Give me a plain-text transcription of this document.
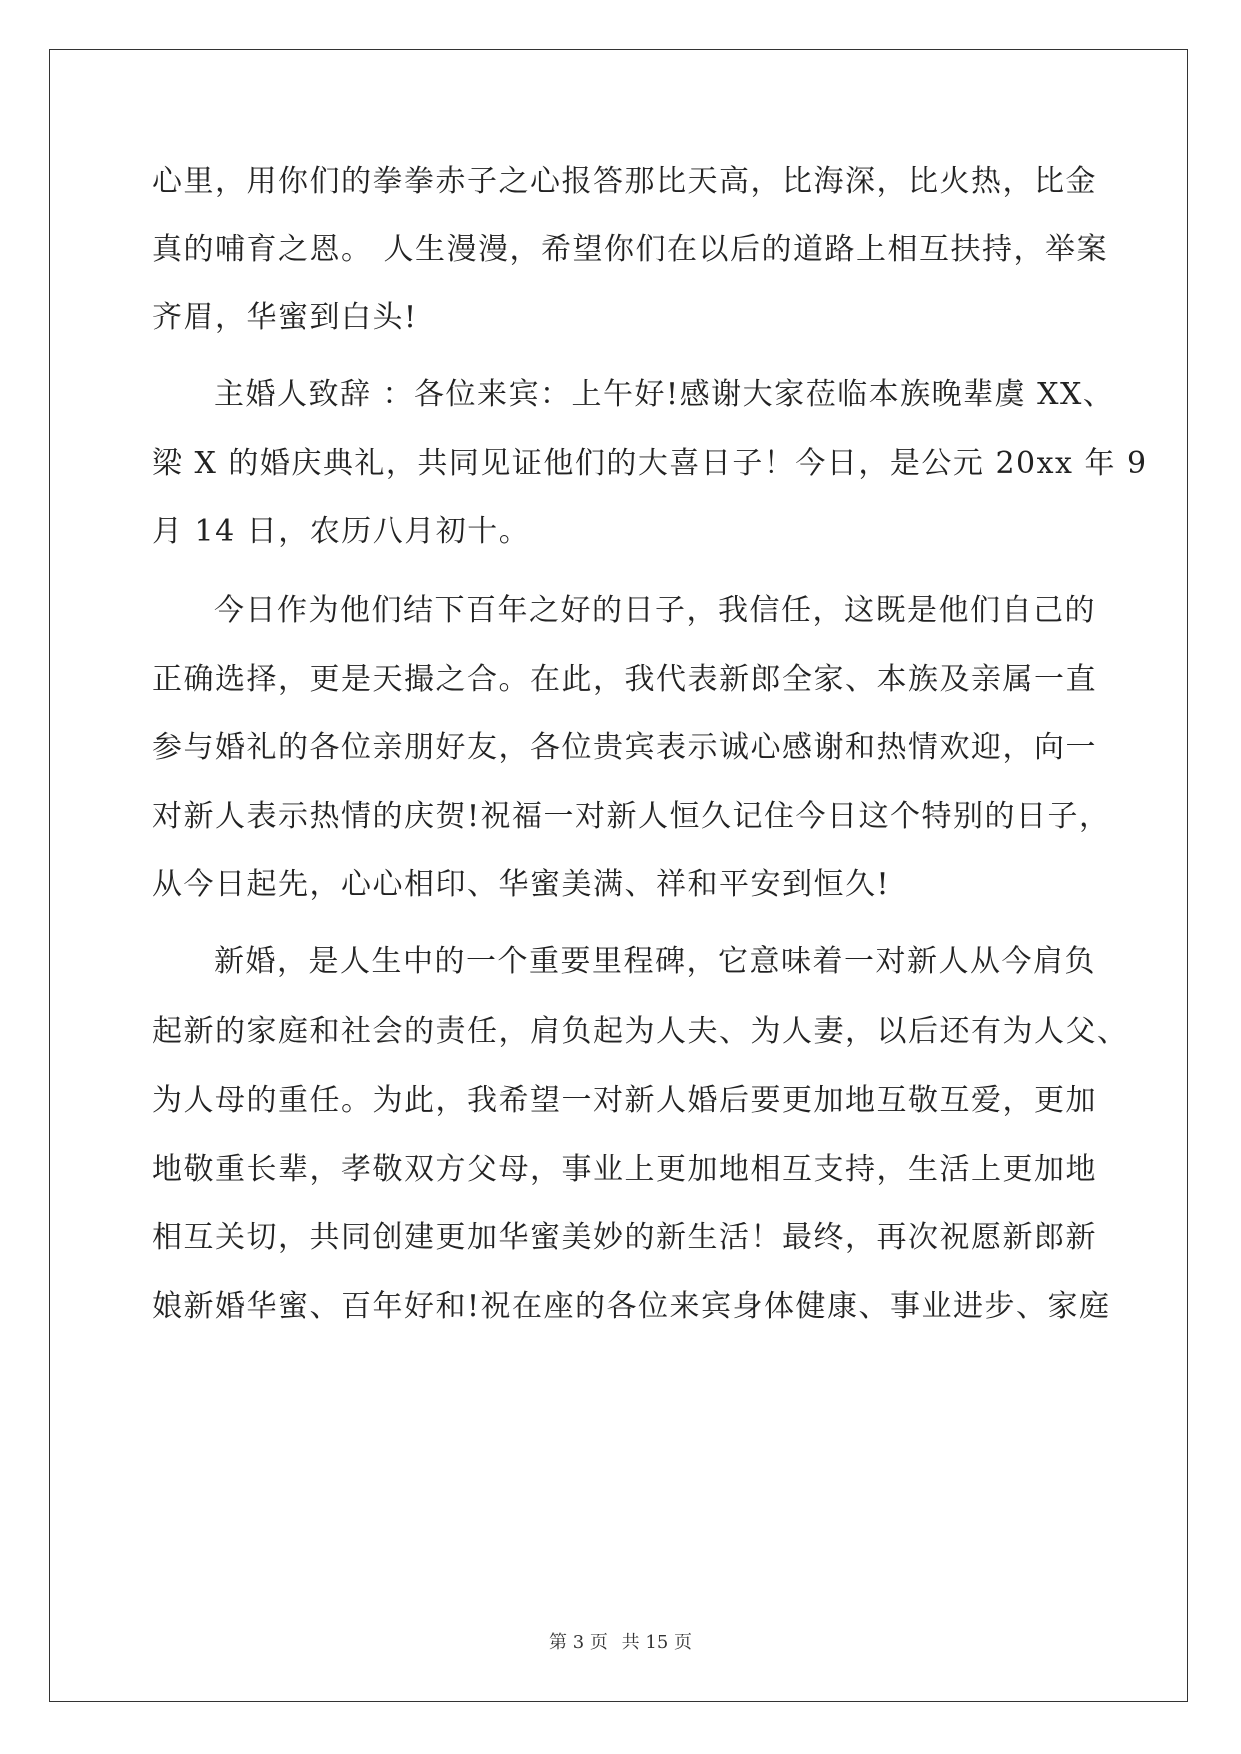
心里，用你们的拳拳赤子之心报答那比天高，比海深，比火热，比金
真的哺育之恩。 人生漫漫，希望你们在以后的道路上相互扶持，举案
齐眉，华蜜到白头!
主婚人致辞 ：各位来宾：上午好!感谢大家莅临本族晚辈虞 XX、
梁 X 的婚庆典礼，共同见证他们的大喜日子！今日，是公元 20xx 年 9
月 14 日，农历八月初十。
今日作为他们结下百年之好的日子，我信任，这既是他们自己的
正确选择，更是天撮之合。在此，我代表新郎全家、本族及亲属一直
参与婚礼的各位亲朋好友，各位贵宾表示诚心感谢和热情欢迎，向一
对新人表示热情的庆贺!祝福一对新人恒久记住今日这个特别的日子，
从今日起先，心心相印、华蜜美满、祥和平安到恒久!
新婚，是人生中的一个重要里程碑，它意味着一对新人从今肩负
起新的家庭和社会的责任，肩负起为人夫、为人妻，以后还有为人父、
为人母的重任。为此，我希望一对新人婚后要更加地互敬互爱，更加
地敬重长辈，孝敬双方父母，事业上更加地相互支持，生活上更加地
相互关切，共同创建更加华蜜美妙的新生活！最终，再次祝愿新郎新
娘新婚华蜜、百年好和!祝在座的各位来宾身体健康、事业进步、家庭
第 3 页 共 15 页
